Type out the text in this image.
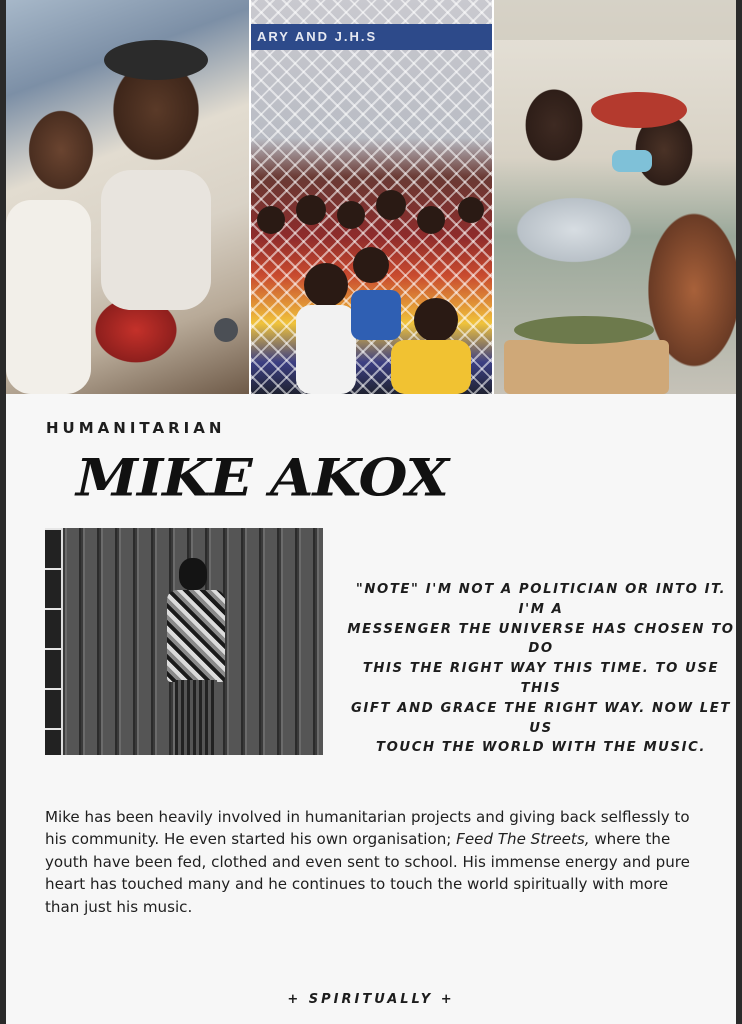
ARY AND J.H.S
HUMANITARIAN
MIKE AKOX
"NOTE" I'M NOT A POLITICIAN OR INTO IT. I'M A
MESSENGER THE UNIVERSE HAS CHOSEN TO DO
THIS THE RIGHT WAY THIS TIME. TO USE THIS
GIFT AND GRACE THE RIGHT WAY. NOW LET US
TOUCH THE WORLD WITH THE MUSIC.

Mike has been heavily involved in humanitarian projects and giving back selflessly to his community. He even started his own organisation; Feed The Streets, where the youth have been fed, clothed and even sent to school. His immense energy and pure heart has touched many and he continues to touch the world spiritually with more than just his music.

+ SPIRITUALLY +
